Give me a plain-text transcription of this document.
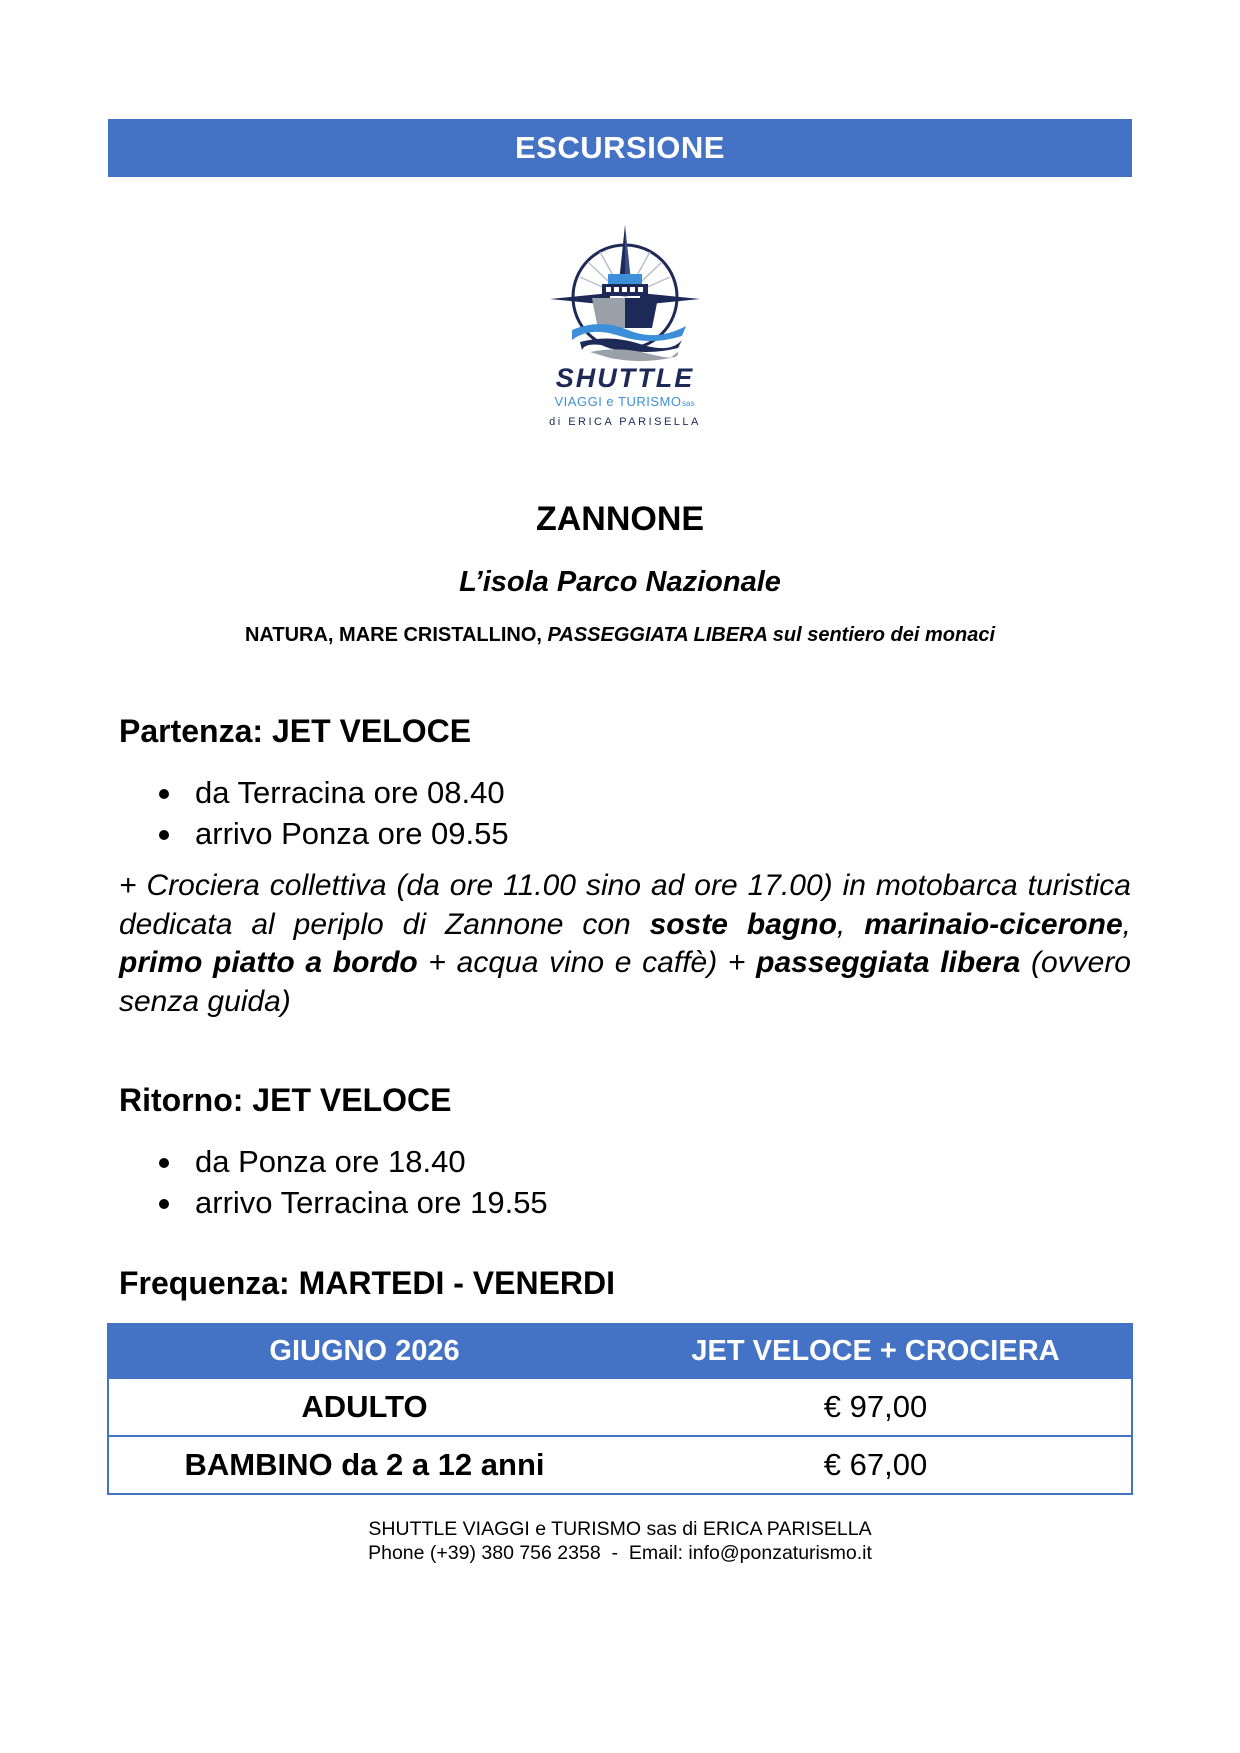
ESCURSIONE
SHUTTLE
VIAGGI e TURISMO sas
di ERICA PARISELLA
ZANNONE
L’isola Parco Nazionale
NATURA, MARE CRISTALLINO, PASSEGGIATA LIBERA sul sentiero dei monaci
Partenza: JET VELOCE
da Terracina ore 08.40
arrivo Ponza ore 09.55
+ Crociera collettiva (da ore 11.00 sino ad ore 17.00) in motobarca turistica dedicata al periplo di Zannone con soste bagno, marinaio-cicerone, primo piatto a bordo + acqua vino e caffè) + passeggiata libera (ovvero senza guida)
Ritorno: JET VELOCE
da Ponza ore 18.40
arrivo Terracina ore 19.55
Frequenza: MARTEDI - VENERDI
GIUGNO 2026	JET VELOCE + CROCIERA
ADULTO	€ 97,00
BAMBINO da 2 a 12 anni	€ 67,00
SHUTTLE VIAGGI e TURISMO sas di ERICA PARISELLA
Phone (+39) 380 756 2358  -  Email: info@ponzaturismo.it
